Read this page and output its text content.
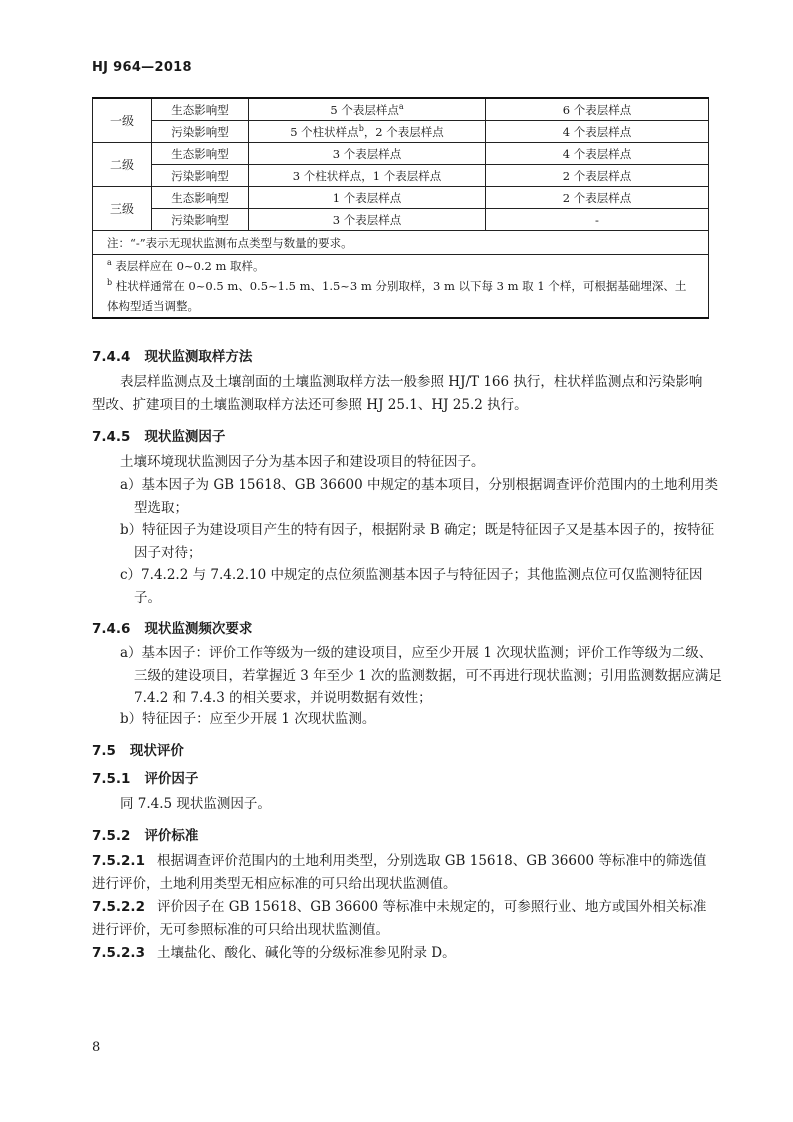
HJ 964—2018
一级	生态影响型	5 个表层样点$^a$	6 个表层样点
	污染影响型	5 个柱状样点$^b$，2 个表层样点	4 个表层样点
二级	生态影响型	3 个表层样点	4 个表层样点
	污染影响型	3 个柱状样点，1 个表层样点	2 个表层样点
三级	生态影响型	1 个表层样点	2 个表层样点
	污染影响型	3 个表层样点	-
注：“-”表示无现状监测布点类型与数量的要求。			

$^a$ 表层样应在 0~0.2 m 取样。
$^b$ 柱状样通常在 0~0.5 m、0.5~1.5 m、1.5~3 m 分别取样，3 m 以下每 3 m 取 1 个样，可根据基础埋深、土体构型适当调整。			
7.4.4 现状监测取样方法
表层样监测点及土壤剖面的土壤监测取样方法一般参照 HJ/T 166 执行，柱状样监测点和污染影响型改、扩建项目的土壤监测取样方法还可参照 HJ 25.1、HJ 25.2 执行。
7.4.5 现状监测因子
土壤环境现状监测因子分为基本因子和建设项目的特征因子。
a）基本因子为 GB 15618、GB 36600 中规定的基本项目，分别根据调查评价范围内的土地利用类型选取；
b）特征因子为建设项目产生的特有因子，根据附录 B 确定；既是特征因子又是基本因子的，按特征因子对待；
c）7.4.2.2 与 7.4.2.10 中规定的点位须监测基本因子与特征因子；其他监测点位可仅监测特征因子。
7.4.6 现状监测频次要求
a）基本因子：评价工作等级为一级的建设项目，应至少开展 1 次现状监测；评价工作等级为二级、三级的建设项目，若掌握近 3 年至少 1 次的监测数据，可不再进行现状监测；引用监测数据应满足 7.4.2 和 7.4.3 的相关要求，并说明数据有效性；
b）特征因子：应至少开展 1 次现状监测。
7.5 现状评价
7.5.1 评价因子
同 7.4.5 现状监测因子。
7.5.2 评价标准
7.5.2.1 根据调查评价范围内的土地利用类型，分别选取 GB 15618、GB 36600 等标准中的筛选值进行评价，土地利用类型无相应标准的可只给出现状监测值。
7.5.2.2 评价因子在 GB 15618、GB 36600 等标准中未规定的，可参照行业、地方或国外相关标准进行评价，无可参照标准的可只给出现状监测值。
7.5.2.3 土壤盐化、酸化、碱化等的分级标准参见附录 D。
8
